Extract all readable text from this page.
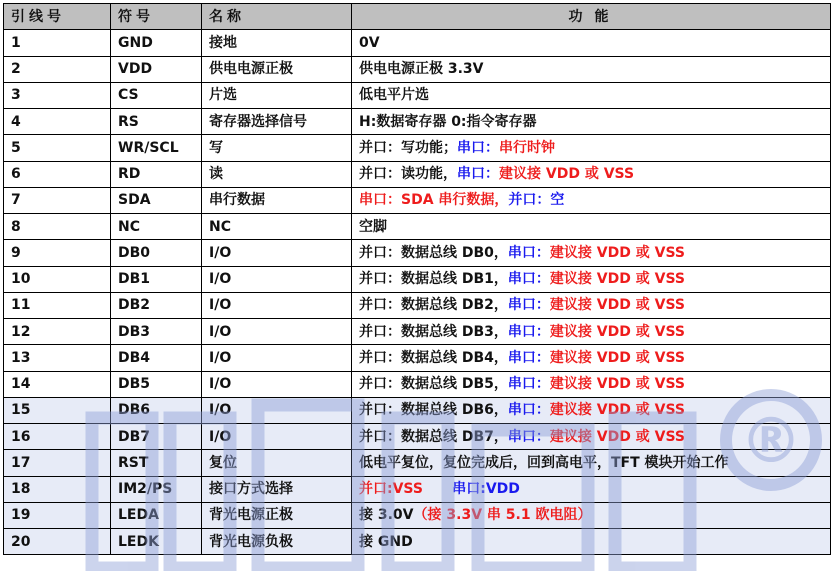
引线号	符号	名称	功能
1	GND	接地	0V
2	VDD	供电电源正极	供电电源正极 3.3V
3	CS	片选	低电平片选
4	RS	寄存器选择信号	H:数据寄存器 0:指令寄存器
5	WR/SCL	写	并口：写功能；串口：串行时钟
6	RD	读	并口：读功能，串口：建议接 VDD 或 VSS
7	SDA	串行数据	串口：SDA 串行数据，并口：空
8	NC	NC	空脚
9	DB0	I/O	并口：数据总线 DB0，串口：建议接 VDD 或 VSS
10	DB1	I/O	并口：数据总线 DB1，串口：建议接 VDD 或 VSS
11	DB2	I/O	并口：数据总线 DB2，串口：建议接 VDD 或 VSS
12	DB3	I/O	并口：数据总线 DB3，串口：建议接 VDD 或 VSS
13	DB4	I/O	并口：数据总线 DB4，串口：建议接 VDD 或 VSS
14	DB5	I/O	并口：数据总线 DB5，串口：建议接 VDD 或 VSS
15	DB6	I/O	并口：数据总线 DB6，串口：建议接 VDD 或 VSS
16	DB7	I/O	并口：数据总线 DB7，串口：建议接 VDD 或 VSS
17	RST	复位	低电平复位，复位完成后，回到高电平，TFT 模块开始工作
18	IM2/PS	接口方式选择	并口:VSS      串口:VDD
19	LEDA	背光电源正极	接 3.0V（接 3.3V 串 5.1 欧电阻）
20	LEDK	背光电源负极	接 GND
®
